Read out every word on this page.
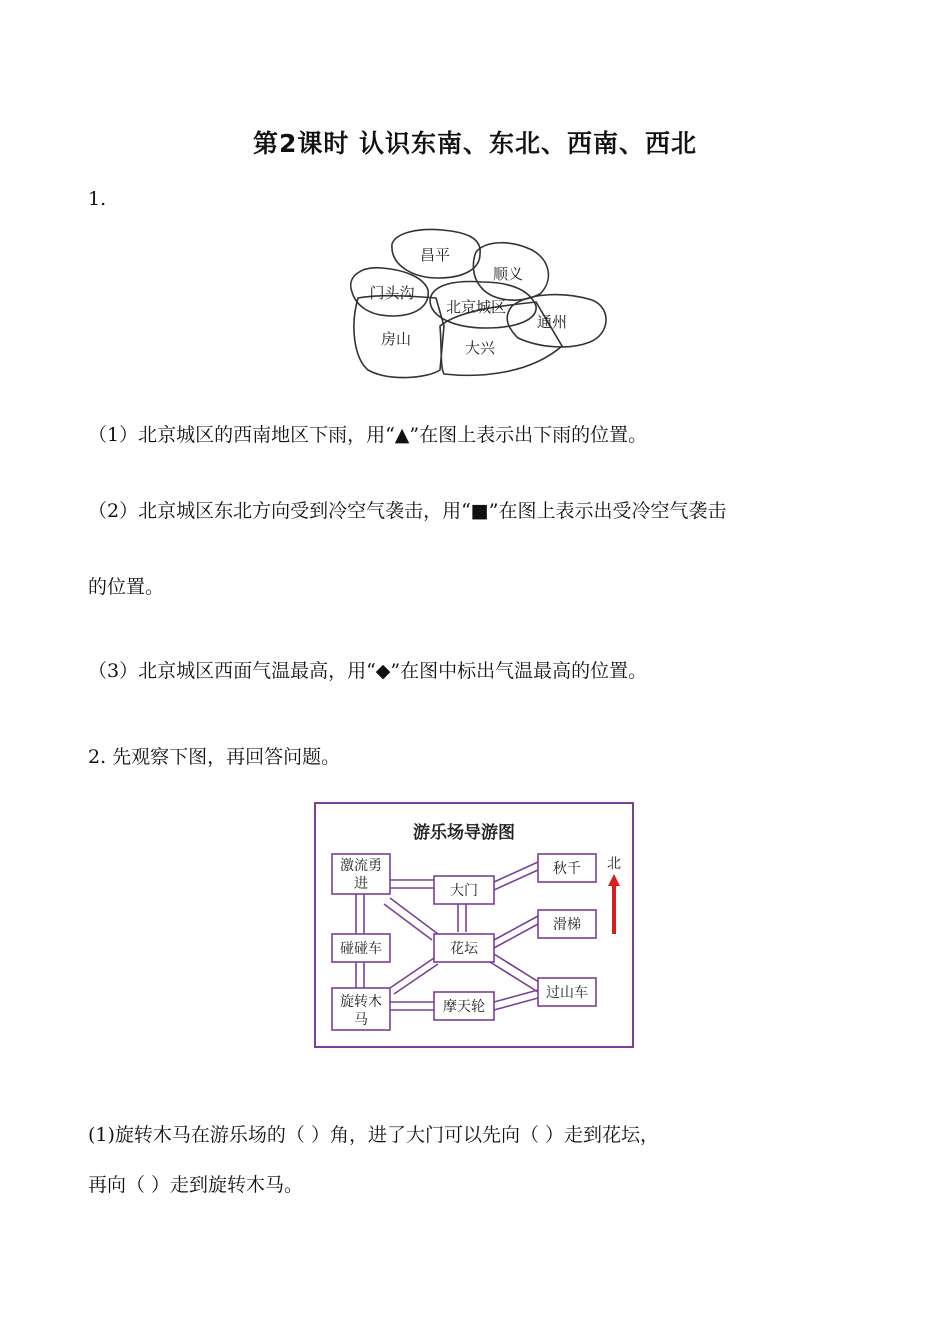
第2课时 认识东南、东北、西南、西北
1.
昌平
顺义
门头沟
北京城区
通州
房山	大兴
（1）北京城区的西南地区下雨，用“▲”在图上表示出下雨的位置。
（2）北京城区东北方向受到冷空气袭击，用“■”在图上表示出受冷空气袭击
的位置。
（3）北京城区西面气温最高，用“◆”在图中标出气温最高的位置。
2. 先观察下图，再回答问题。
游乐场导游图
激流勇
进	大门
秋千
滑梯
碰碰车	花坛
旋转木
马
摩天轮
过山车
北
(1)旋转木马在游乐场的（ ）角，进了大门可以先向（ ）走到花坛，
再向（ ）走到旋转木马。
